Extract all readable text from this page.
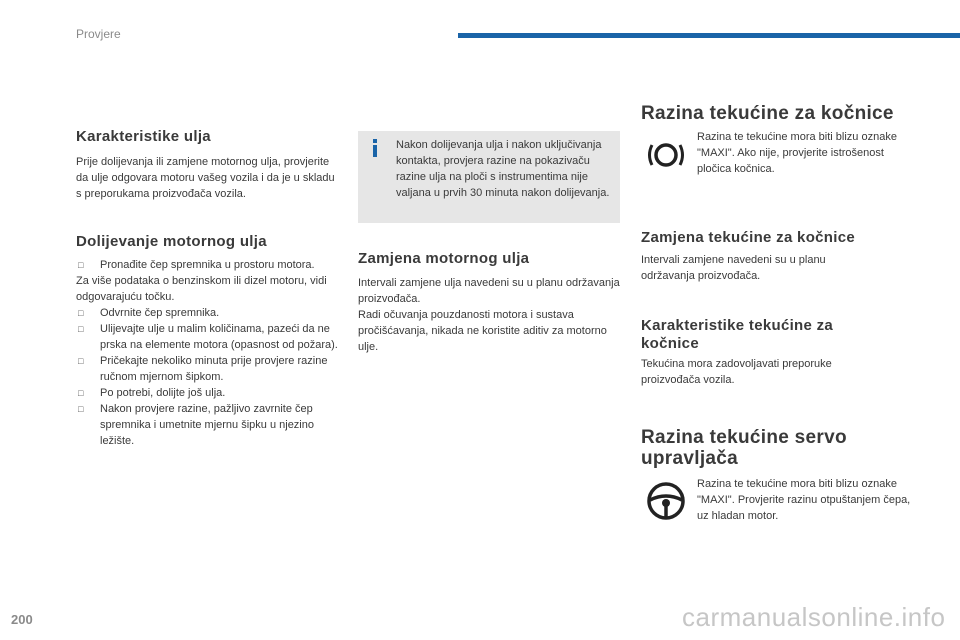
Provjere
Karakteristike ulja

Prije dolijevanja ili zamjene motornog ulja, provjerite da ulje odgovara motoru vašeg vozila i da je u skladu s preporukama proizvođača vozila.

Dolijevanje motornog ulja
□ Pronađite čep spremnika u prostoru motora.

Za više podataka o benzinskom ili dizel motoru, vidi odgovarajuću točku.

□ Odvrnite čep spremnika.
□ Ulijevajte ulje u malim količinama, pazeći da ne prska na elemente motora (opasnost od požara).
□ Pričekajte nekoliko minuta prije provjere razine ručnom mjernom šipkom.
□ Po potrebi, dolijte još ulja.
□ Nakon provjere razine, pažljivo zavrnite čep spremnika i umetnite mjernu šipku u njezino ležište.
Nakon dolijevanja ulja i nakon uključivanja kontakta, provjera razine na pokazivaču razine ulja na ploči s instrumentima nije valjana u prvih 30 minuta nakon dolijevanja.
Zamjena motornog ulja

Intervali zamjene ulja navedeni su u planu održavanja proizvođača.

Radi očuvanja pouzdanosti motora i sustava pročišćavanja, nikada ne koristite aditiv za motorno ulje.

Razina tekućine za kočnice

Razina te tekućine mora biti blizu oznake "MAXI". Ako nije, provjerite istrošenost pločica kočnica.

Zamjena tekućine za kočnice

Intervali zamjene navedeni su u planu održavanja proizvođača.

Karakteristike tekućine za kočnice

Tekućina mora zadovoljavati preporuke proizvođača vozila.

Razina tekućine servo upravljača

Razina te tekućine mora biti blizu oznake "MAXI". Provjerite razinu otpuštanjem čepa, uz hladan motor.

200	carmanualsonline.info
